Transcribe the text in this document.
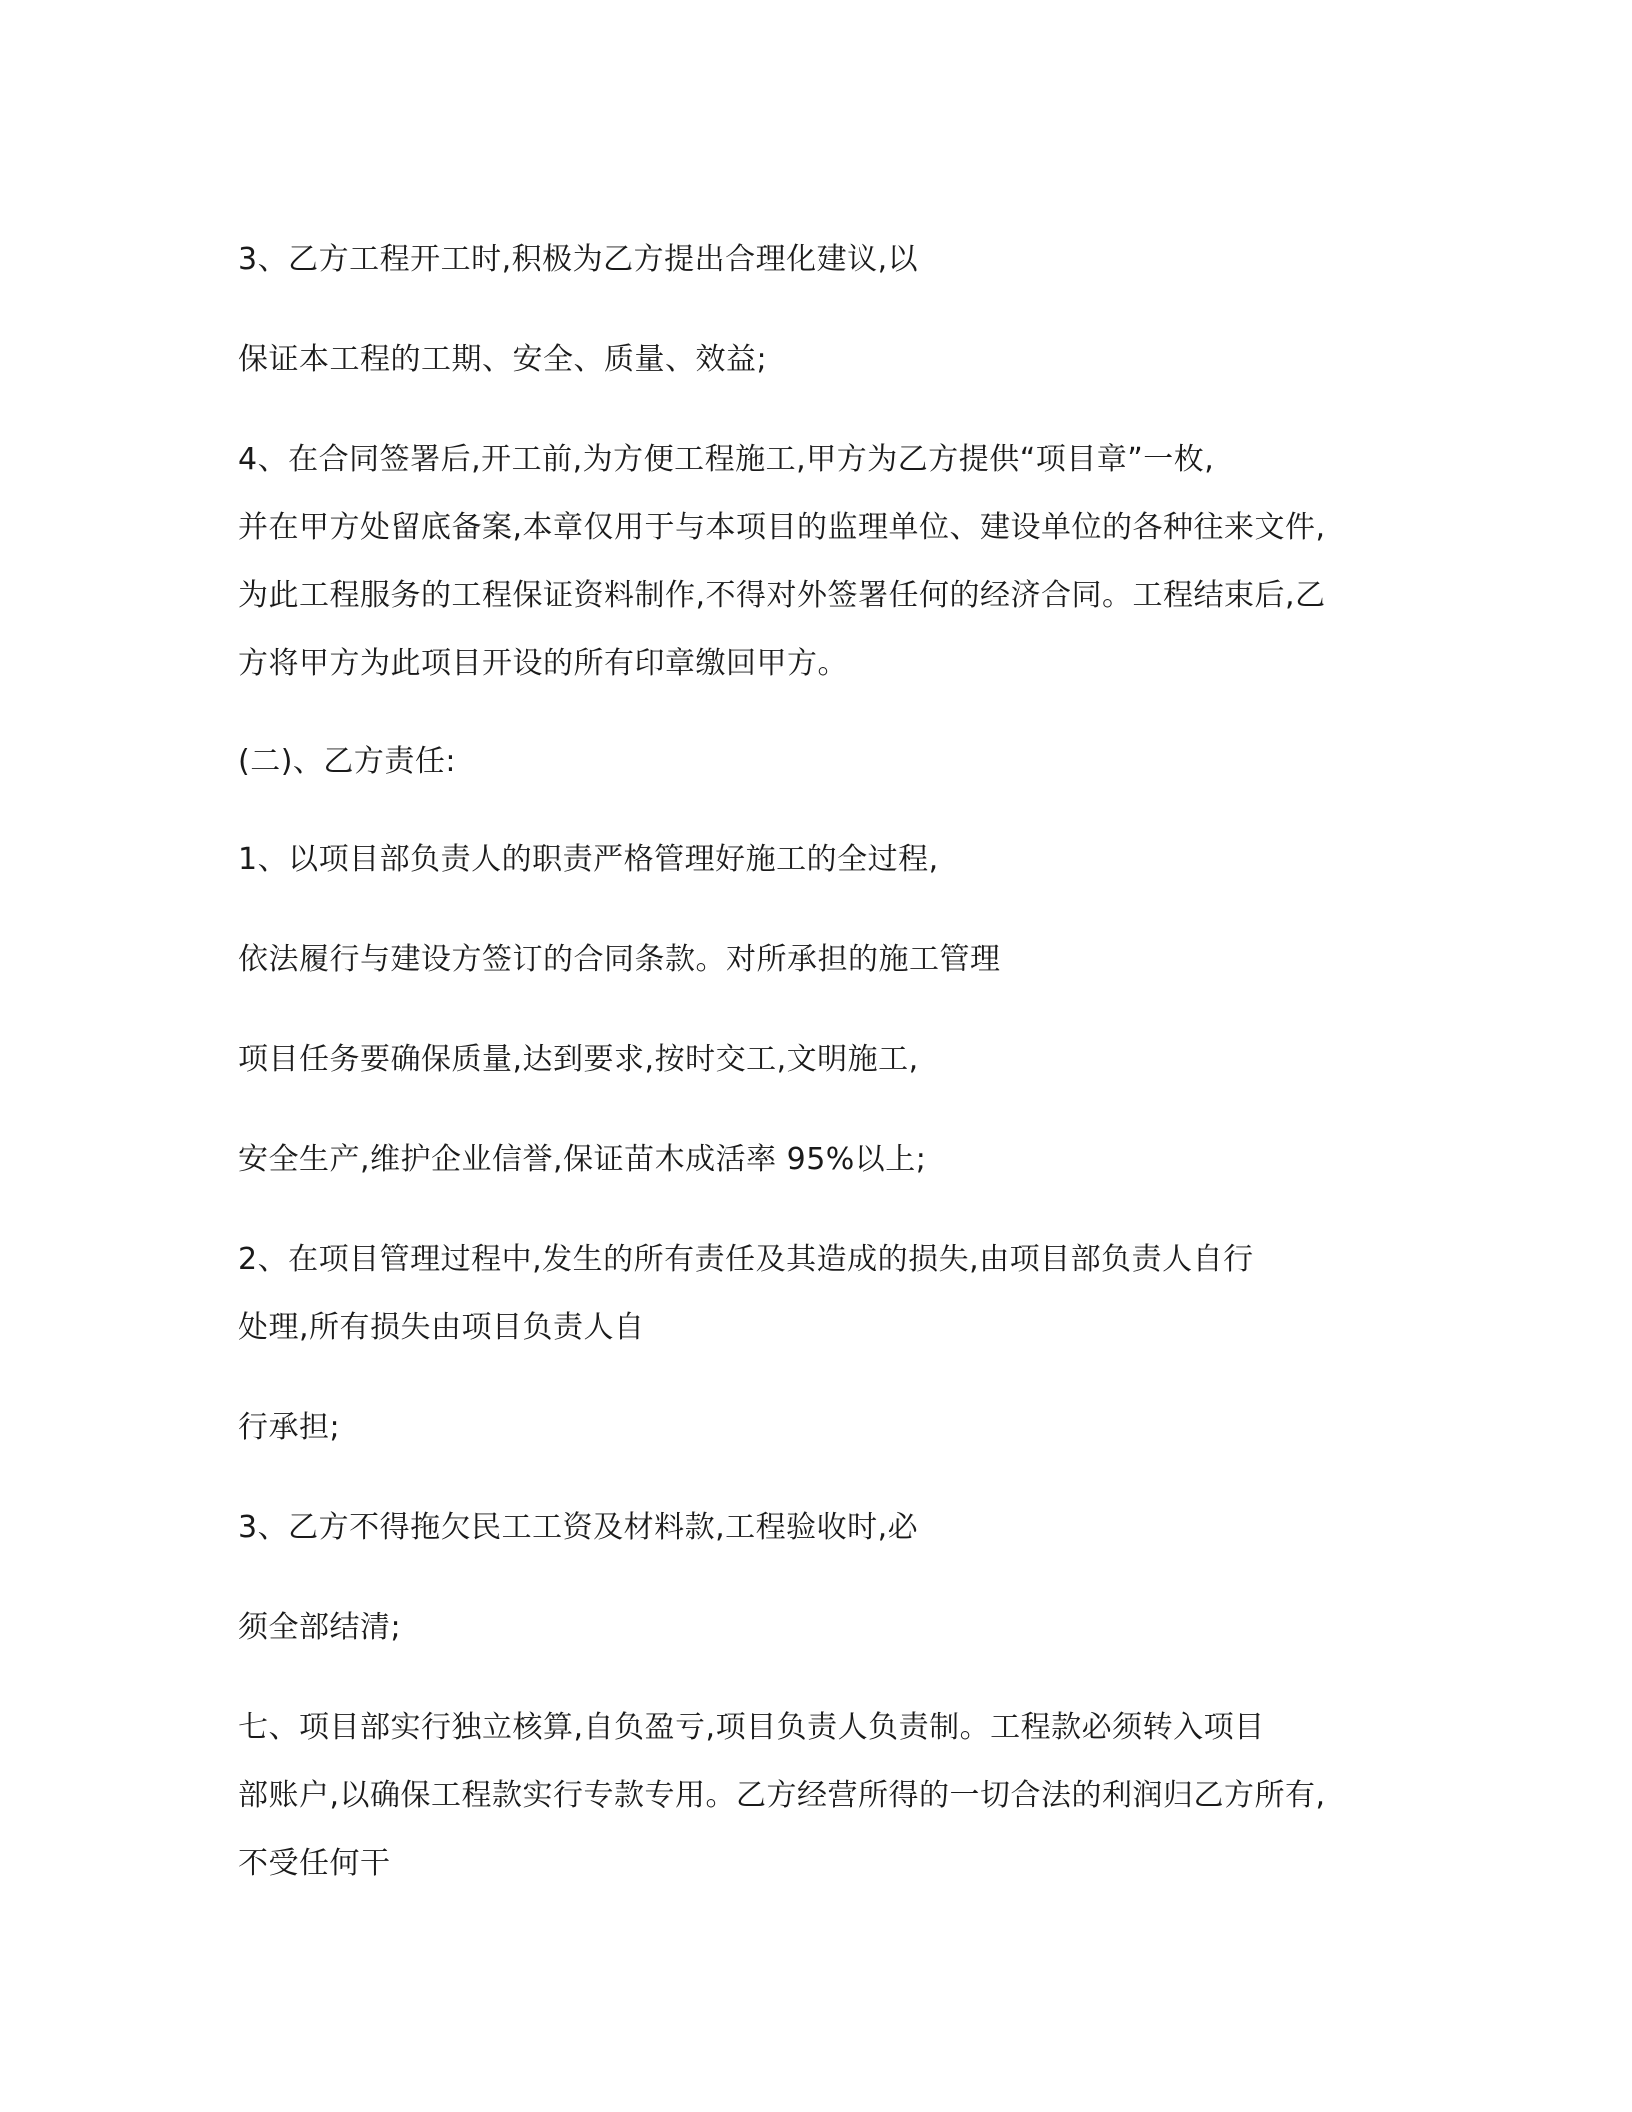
3、乙方工程开工时,积极为乙方提出合理化建议,以
保证本工程的工期、安全、质量、效益;
4、在合同签署后,开工前,为方便工程施工,甲方为乙方提供“项目章”一枚,
并在甲方处留底备案,本章仅用于与本项目的监理单位、建设单位的各种往来文件,
为此工程服务的工程保证资料制作,不得对外签署任何的经济合同。工程结束后,乙
方将甲方为此项目开设的所有印章缴回甲方。
(二)、乙方责任:
1、以项目部负责人的职责严格管理好施工的全过程,
依法履行与建设方签订的合同条款。对所承担的施工管理
项目任务要确保质量,达到要求,按时交工,文明施工,
安全生产,维护企业信誉,保证苗木成活率 95%以上;
2、在项目管理过程中,发生的所有责任及其造成的损失,由项目部负责人自行
处理,所有损失由项目负责人自
行承担;
3、乙方不得拖欠民工工资及材料款,工程验收时,必
须全部结清;
七、项目部实行独立核算,自负盈亏,项目负责人负责制。工程款必须转入项目
部账户,以确保工程款实行专款专用。乙方经营所得的一切合法的利润归乙方所有,
不受任何干
